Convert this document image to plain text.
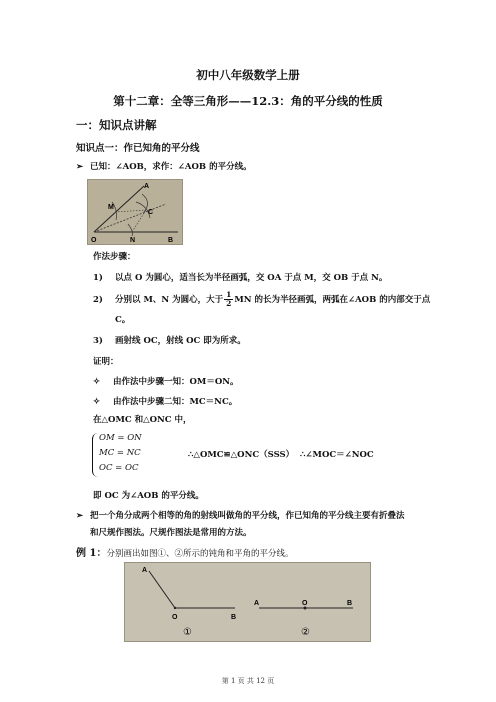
初中八年级数学上册
第十二章：全等三角形——12.3：角的平分线的性质
一：知识点讲解
知识点一：作已知角的平分线
➢ 已知：∠AOB，求作：∠AOB 的平分线。
A
M
C
O	N	B
作法步骤：
1) 以点 O 为圆心，适当长为半径画弧，交 OA 于点 M，交 OB 于点 N。
2) 分别以 M、N 为圆心，大于 $\frac{1}{2}$ MN 的长为半径画弧，两弧在∠AOB 的内部交于点
C。
3) 画射线 OC，射线 OC 即为所求。
证明：
✧ 由作法中步骤一知：OM＝ON。
✧ 由作法中步骤二知：MC＝NC。
在△OMC 和△ONC 中，
OM = ON
MC = NC
OC = OC
∴△OMC≌△ONC（SSS） ∴∠MOC＝∠NOC
即 OC 为∠AOB 的平分线。
➢ 把一个角分成两个相等的角的射线叫做角的平分线，作已知角的平分线主要有折叠法
和尺规作图法。尺规作图法是常用的方法。
例 1：分别画出如图①、②所示的钝角和平角的平分线。
A
O	B
A	O	B
①	②
第 1 页 共 12 页
